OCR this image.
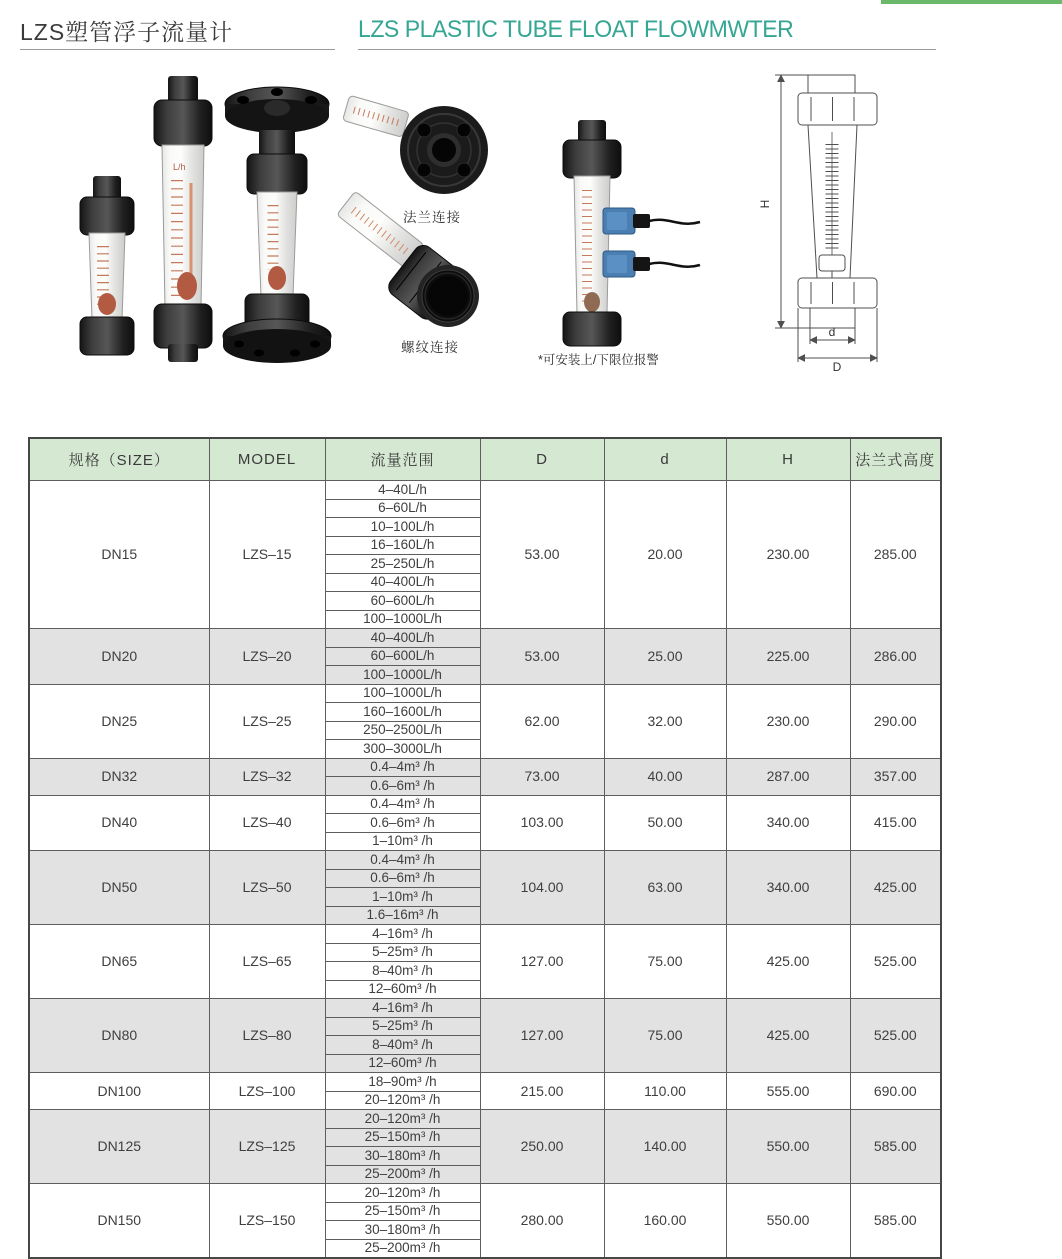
LZS塑管浮子流量计	LZS PLASTIC TUBE FLOAT FLOWMWTER
L/h
法兰连接
螺纹连接
*可安装上/下限位报警
H
d
D
规格（SIZE）	MODEL	流量范围	D	d	H	法兰式高度
DN15	LZS–15	4–40L/h	53.00	20.00	230.00	285.00
		6–60L/h				
		10–100L/h				
		16–160L/h				
		25–250L/h				
		40–400L/h				
		60–600L/h				
		100–1000L/h				
DN20	LZS–20	40–400L/h	53.00	25.00	225.00	286.00
		60–600L/h				
		100–1000L/h				
DN25	LZS–25	100–1000L/h	62.00	32.00	230.00	290.00
		160–1600L/h				
		250–2500L/h				
		300–3000L/h				
DN32	LZS–32	0.4–4m³ /h	73.00	40.00	287.00	357.00
		0.6–6m³ /h				
DN40	LZS–40	0.4–4m³ /h	103.00	50.00	340.00	415.00
		0.6–6m³ /h				
		1–10m³ /h				
DN50	LZS–50	0.4–4m³ /h	104.00	63.00	340.00	425.00
		0.6–6m³ /h				
		1–10m³ /h				
		1.6–16m³ /h				
DN65	LZS–65	4–16m³ /h	127.00	75.00	425.00	525.00
		5–25m³ /h				
		8–40m³ /h				
		12–60m³ /h				
DN80	LZS–80	4–16m³ /h	127.00	75.00	425.00	525.00
		5–25m³ /h				
		8–40m³ /h				
		12–60m³ /h				
DN100	LZS–100	18–90m³ /h	215.00	110.00	555.00	690.00
		20–120m³ /h				
DN125	LZS–125	20–120m³ /h	250.00	140.00	550.00	585.00
		25–150m³ /h				
		30–180m³ /h				
		25–200m³ /h				
DN150	LZS–150	20–120m³ /h	280.00	160.00	550.00	585.00
		25–150m³ /h				
		30–180m³ /h				
		25–200m³ /h				
